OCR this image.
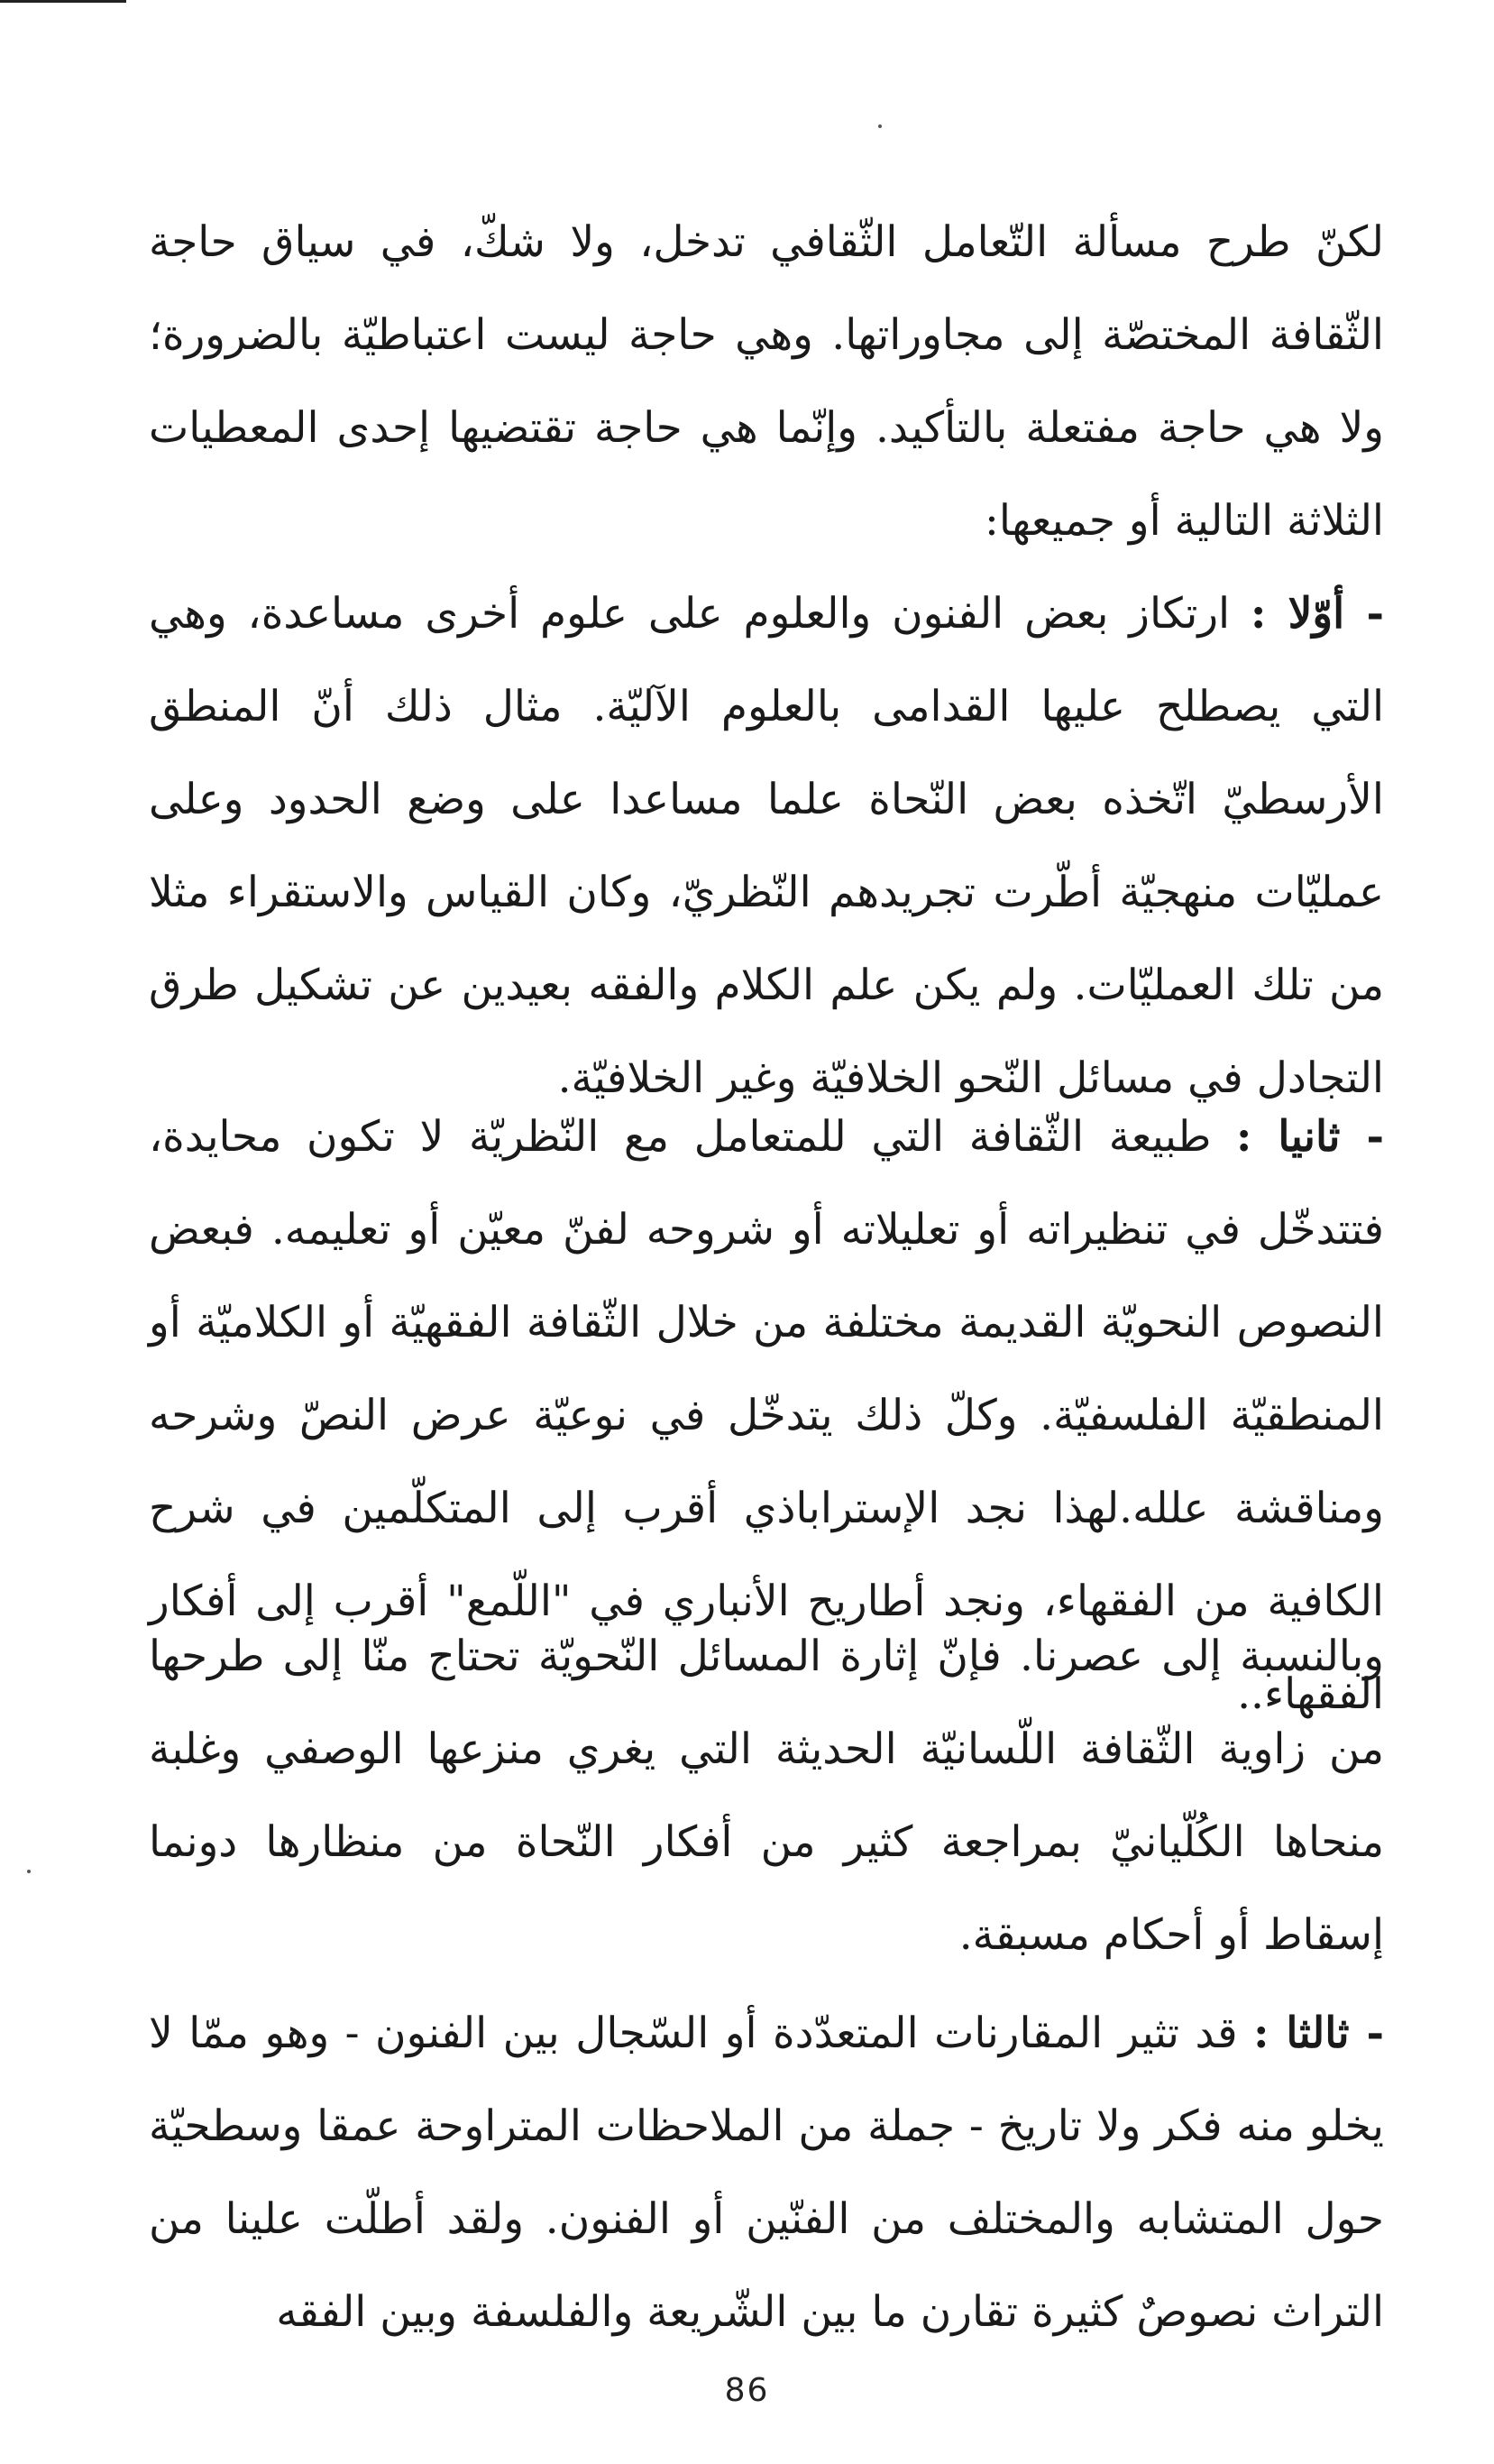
لكنّ طرح مسألة التّعامل الثّقافي تدخل، ولا شكّ، في سياق حاجة الثّقافة المختصّة إلى مجاوراتها. وهي حاجة ليست اعتباطيّة بالضرورة؛ ولا هي حاجة مفتعلة بالتأكيد. وإنّما هي حاجة تقتضيها إحدى المعطيات الثلاثة التالية أو جميعها:

- أوّلا : ارتكاز بعض الفنون والعلوم على علوم أخرى مساعدة، وهي التي يصطلح عليها القدامى بالعلوم الآليّة. مثال ذلك أنّ المنطق الأرسطيّ اتّخذه بعض النّحاة علما مساعدا على وضع الحدود وعلى عمليّات منهجيّة أطّرت تجريدهم النّظريّ، وكان القياس والاستقراء مثلا من تلك العمليّات. ولم يكن علم الكلام والفقه بعيدين عن تشكيل طرق التجادل في مسائل النّحو الخلافيّة وغير الخلافيّة.

- ثانيا : طبيعة الثّقافة التي للمتعامل مع النّظريّة لا تكون محايدة، فتتدخّل في تنظيراته أو تعليلاته أو شروحه لفنّ معيّن أو تعليمه. فبعض النصوص النحويّة القديمة مختلفة من خلال الثّقافة الفقهيّة أو الكلاميّة أو المنطقيّة الفلسفيّة. وكلّ ذلك يتدخّل في نوعيّة عرض النصّ وشرحه ومناقشة علله.لهذا نجد الإستراباذي أقرب إلى المتكلّمين في شرح الكافية من الفقهاء، ونجد أطاريح الأنباري في "اللّمع" أقرب إلى أفكار الفقهاء..

وبالنسبة إلى عصرنا. فإنّ إثارة المسائل النّحويّة تحتاج منّا إلى طرحها من زاوية الثّقافة اللّسانيّة الحديثة التي يغري منزعها الوصفي وغلبة منحاها الكُلّيانيّ بمراجعة كثير من أفكار النّحاة من منظارها دونما إسقاط أو أحكام مسبقة.

- ثالثا : قد تثير المقارنات المتعدّدة أو السّجال بين الفنون - وهو ممّا لا يخلو منه فكر ولا تاريخ - جملة من الملاحظات المتراوحة عمقا وسطحيّة حول المتشابه والمختلف من الفنّين أو الفنون. ولقد أطلّت علينا من التراث نصوصٌ كثيرة تقارن ما بين الشّريعة والفلسفة وبين الفقه

86
